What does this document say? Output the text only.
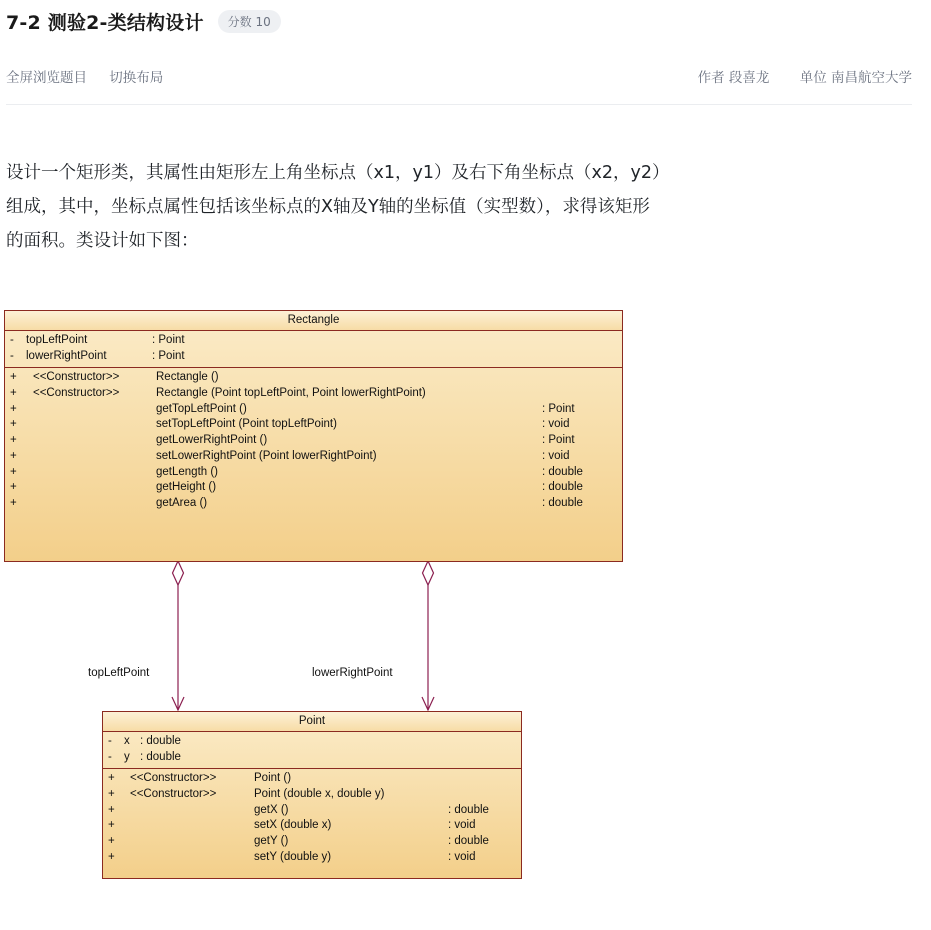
7-2 测验2-类结构设计	分数 10
全屏浏览题目 切换布局	作者 段喜龙 单位 南昌航空大学

设计一个矩形类，其属性由矩形左上角坐标点（x1，y1）及右下角坐标点（x2，y2）

组成，其中，坐标点属性包括该坐标点的X轴及Y轴的坐标值（实型数），求得该矩形

的面积。类设计如下图：

topLeftPoint	lowerRightPoint
Rectangle
- topLeftPoint	: Point
- lowerRightPoint	: Point
+ <<Constructor>>	Rectangle ()
+ <<Constructor>>	Rectangle (Point topLeftPoint, Point lowerRightPoint)
+	getTopLeftPoint ()	: Point
+	setTopLeftPoint (Point topLeftPoint)	: void
+	getLowerRightPoint ()	: Point
+	setLowerRightPoint (Point lowerRightPoint)	: void
+	getLength ()	: double
+	getHeight ()	: double
+	getArea ()	: double
Point
- x : double
- y : double
+ <<Constructor>>	Point ()
+ <<Constructor>>	Point (double x, double y)
+	getX ()	: double
+	setX (double x)	: void
+	getY ()	: double
+	setY (double y)	: void
